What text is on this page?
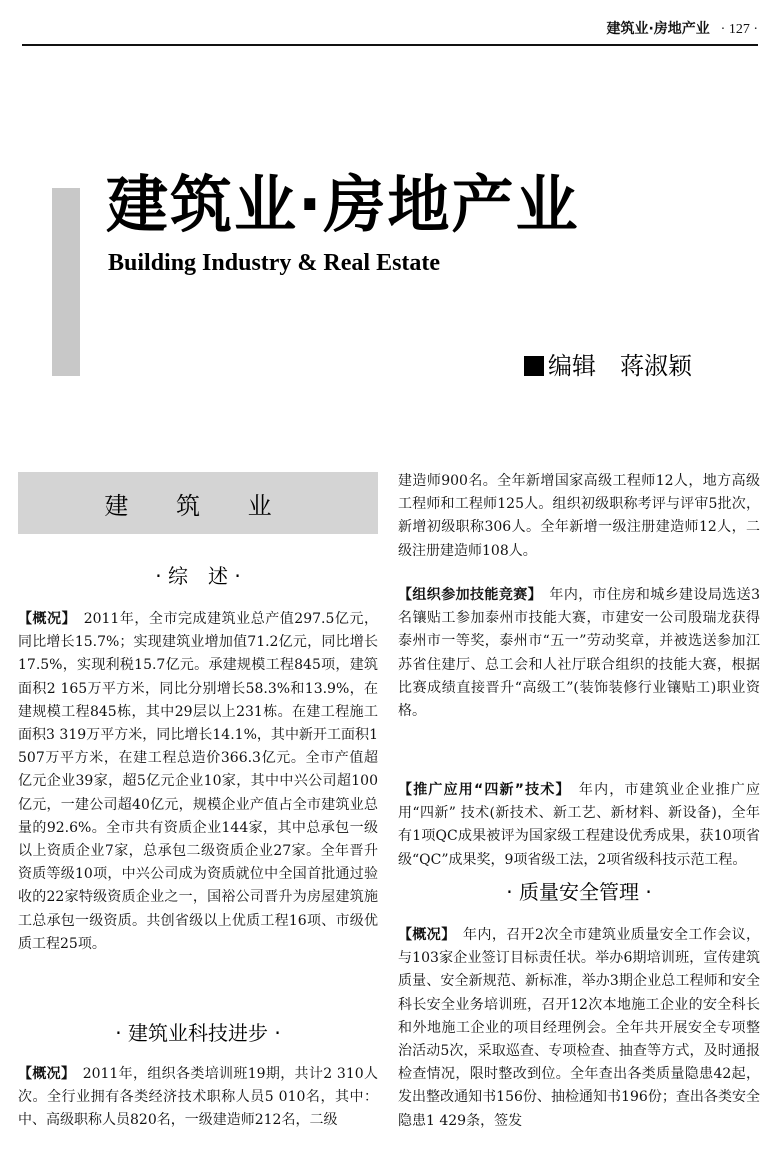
建筑业·房地产业 · 127 ·
建筑业·房地产业
Building Industry & Real Estate
编辑 蒋淑颖
建 筑 业
· 综　述 ·

【概况】　2011年，全市完成建筑业总产值297.5亿元，同比增长15.7%；实现建筑业增加值71.2亿元，同比增长17.5%，实现利税15.7亿元。承建规模工程845项，建筑面积2 165万平方米，同比分别增长58.3%和13.9%，在建规模工程845栋，其中29层以上231栋。在建工程施工面积3 319万平方米，同比增长14.1%，其中新开工面积1 507万平方米，在建工程总造价366.3亿元。全市产值超亿元企业39家，超5亿元企业10家，其中中兴公司超100亿元，一建公司超40亿元，规模企业产值占全市建筑业总量的92.6%。全市共有资质企业144家，其中总承包一级以上资质企业7家，总承包二级资质企业27家。全年晋升资质等级10项，中兴公司成为资质就位中全国首批通过验收的22家特级资质企业之一，国裕公司晋升为房屋建筑施工总承包一级资质。共创省级以上优质工程16项、市级优质工程25项。

· 建筑业科技进步 ·

【概况】　2011年，组织各类培训班19期，共计2 310人次。全行业拥有各类经济技术职称人员5 010名，其中：中、高级职称人员820名，一级建造师212名，二级

建造师900名。全年新增国家高级工程师12人，地方高级工程师和工程师125人。组织初级职称考评与评审5批次，新增初级职称306人。全年新增一级注册建造师12人，二级注册建造师108人。

【组织参加技能竞赛】　年内，市住房和城乡建设局选送3名镶贴工参加泰州市技能大赛，市建安一公司殷瑞龙获得泰州市一等奖，泰州市“五一”劳动奖章，并被选送参加江苏省住建厅、总工会和人社厅联合组织的技能大赛，根据比赛成绩直接晋升“高级工”(装饰装修行业镶贴工)职业资格。

【推广应用“四新”技术】　年内，市建筑业企业推广应用“四新” 技术(新技术、新工艺、新材料、新设备)，全年有1项QC成果被评为国家级工程建设优秀成果，获10项省级“QC”成果奖，9项省级工法，2项省级科技示范工程。

· 质量安全管理 ·

【概况】　年内，召开2次全市建筑业质量安全工作会议，与103家企业签订目标责任状。举办6期培训班，宣传建筑质量、安全新规范、新标准，举办3期企业总工程师和安全科长安全业务培训班，召开12次本地施工企业的安全科长和外地施工企业的项目经理例会。全年共开展安全专项整治活动5次，采取巡查、专项检查、抽查等方式，及时通报检查情况，限时整改到位。全年查出各类质量隐患42起，发出整改通知书156份、抽检通知书196份；查出各类安全隐患1 429条，签发
